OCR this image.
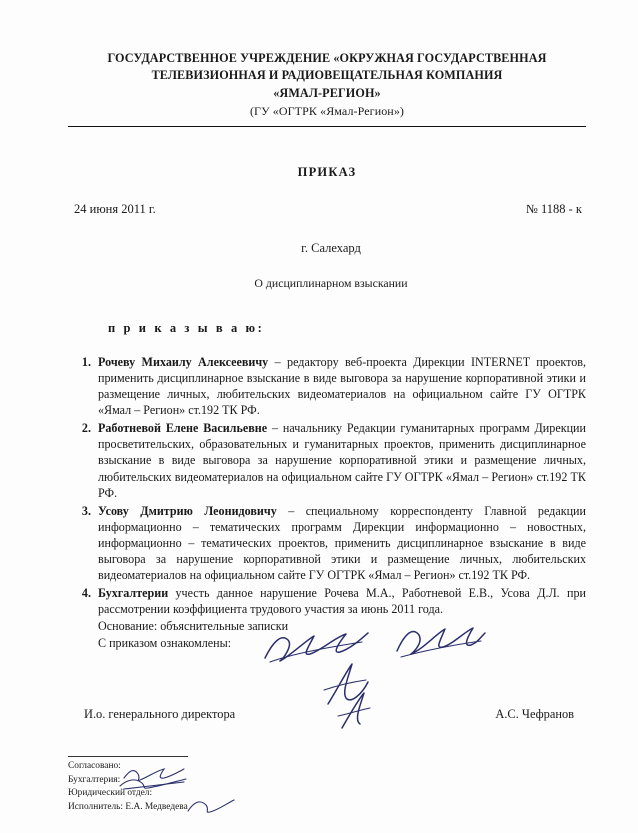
ГОСУДАРСТВЕННОЕ УЧРЕЖДЕНИЕ «ОКРУЖНАЯ ГОСУДАРСТВЕННАЯ
ТЕЛЕВИЗИОННАЯ И РАДИОВЕЩАТЕЛЬНАЯ КОМПАНИЯ
«ЯМАЛ-РЕГИОН»
(ГУ «ОГТРК «Ямал-Регион»)
ПРИКАЗ
24 июня 2011 г.	№ 1188 - к
г. Салехард
О дисциплинарном взыскании
п р и к а з ы в а ю:
1. Рочеву Михаилу Алексеевичу – редактору веб-проекта Дирекции INTERNET проектов, применить дисциплинарное взыскание в виде выговора за нарушение корпоративной этики и размещение личных, любительских видеоматериалов на официальном сайте ГУ ОГТРК «Ямал – Регион» ст.192 ТК РФ.
2. Работневой Елене Васильевне – начальнику Редакции гуманитарных программ Дирекции просветительских, образовательных и гуманитарных проектов, применить дисциплинарное взыскание в виде выговора за нарушение корпоративной этики и размещение личных, любительских видеоматериалов на официальном сайте ГУ ОГТРК «Ямал – Регион» ст.192 ТК РФ.
3. Усову Дмитрию Леонидовичу – специальному корреспонденту Главной редакции информационно – тематических программ Дирекции информационно – новостных, информационно – тематических проектов, применить дисциплинарное взыскание в виде выговора за нарушение корпоративной этики и размещение личных, любительских видеоматериалов на официальном сайте ГУ ОГТРК «Ямал – Регион» ст.192 ТК РФ.
4. Бухгалтерии учесть данное нарушение Рочева М.А., Работневой Е.В., Усова Д.Л. при рассмотрении коэффициента трудового участия за июнь 2011 года.
Основание: объяснительные записки
С приказом ознакомлены:
И.о. генерального директора	А.С. Чефранов
Согласовано:
Бухгалтерия:
Юридический отдел:
Исполнитель: Е.А. Медведева
